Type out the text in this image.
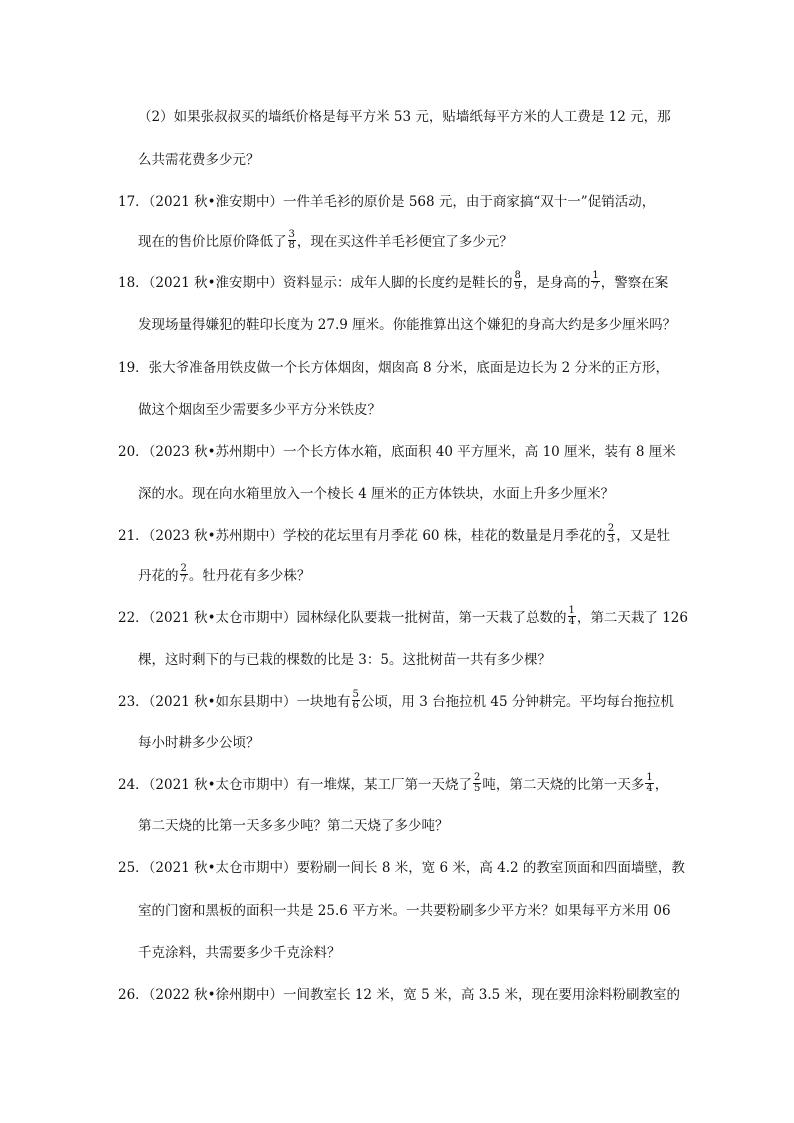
（2）如果张叔叔买的墙纸价格是每平方米 53 元，贴墙纸每平方米的人工费是 12 元，那
么共需花费多少元？
17．（2021 秋•淮安期中）一件羊毛衫的原价是 568 元，由于商家搞“双十一”促销活动，
现在的售价比原价降低了 $\frac{3}{8}$ ，现在买这件羊毛衫便宜了多少元？
18．（2021 秋•淮安期中）资料显示：成年人脚的长度约是鞋长的 $\frac{8}{9}$ ，是身高的 $\frac{1}{7}$ ，警察在案
发现场量得嫌犯的鞋印长度为 27.9 厘米。你能推算出这个嫌犯的身高大约是多少厘米吗？
19．张大爷准备用铁皮做一个长方体烟囱，烟囱高 8 分米，底面是边长为 2 分米的正方形，
做这个烟囱至少需要多少平方分米铁皮？
20．（2023 秋•苏州期中）一个长方体水箱，底面积 40 平方厘米，高 10 厘米，装有 8 厘米
深的水。现在向水箱里放入一个棱长 4 厘米的正方体铁块，水面上升多少厘米？
21．（2023 秋•苏州期中）学校的花坛里有月季花 60 株，桂花的数量是月季花的 $\frac{2}{3}$ ，又是牡
丹花的 $\frac{2}{7}$ 。牡丹花有多少株？
22．（2021 秋•太仓市期中）园林绿化队要栽一批树苗，第一天栽了总数的 $\frac{1}{4}$ ，第二天栽了 126
棵，这时剩下的与已栽的棵数的比是 3：5。这批树苗一共有多少棵？
23．（2021 秋•如东县期中）一块地有 $\frac{5}{6}$ 公顷，用 3 台拖拉机 45 分钟耕完。平均每台拖拉机
每小时耕多少公顷？
24．（2021 秋•太仓市期中）有一堆煤，某工厂第一天烧了 $\frac{2}{5}$ 吨，第二天烧的比第一天多 $\frac{1}{4}$ ，
第二天烧的比第一天多多少吨？第二天烧了多少吨？
25．（2021 秋•太仓市期中）要粉刷一间长 8 米，宽 6 米，高 4.2 的教室顶面和四面墙壁，教
室的门窗和黑板的面积一共是 25.6 平方米。一共要粉刷多少平方米？如果每平方米用 06
千克涂料，共需要多少千克涂料？
26．（2022 秋•徐州期中）一间教室长 12 米，宽 5 米，高 3.5 米，现在要用涂料粉刷教室的
